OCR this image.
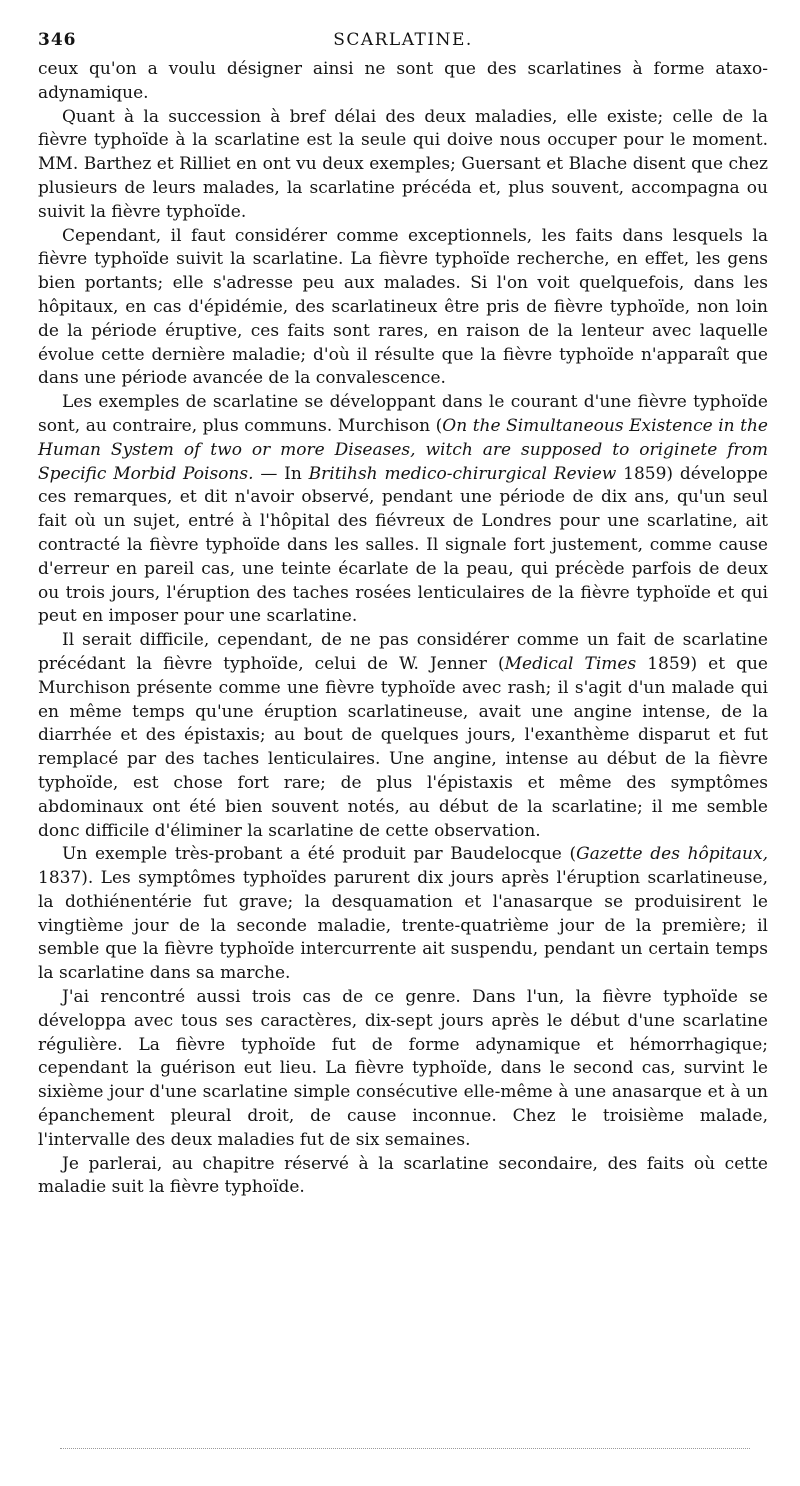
346	SCARLATINE.

ceux qu'on a voulu désigner ainsi ne sont que des scarlatines à forme ataxo-adynamique.

Quant à la succession à bref délai des deux maladies, elle existe; celle de la fièvre typhoïde à la scarlatine est la seule qui doive nous occuper pour le moment. MM. Barthez et Rilliet en ont vu deux exemples; Guersant et Blache disent que chez plusieurs de leurs malades, la scarlatine précéda et, plus souvent, accompagna ou suivit la fièvre typhoïde.

Cependant, il faut considérer comme exceptionnels, les faits dans lesquels la fièvre typhoïde suivit la scarlatine. La fièvre typhoïde recherche, en effet, les gens bien portants; elle s'adresse peu aux malades. Si l'on voit quelquefois, dans les hôpitaux, en cas d'épidémie, des scarlatineux être pris de fièvre typhoïde, non loin de la période éruptive, ces faits sont rares, en raison de la lenteur avec laquelle évolue cette dernière maladie; d'où il résulte que la fièvre typhoïde n'apparaît que dans une période avancée de la convalescence.

Les exemples de scarlatine se développant dans le courant d'une fièvre typhoïde sont, au contraire, plus communs. Murchison (On the Simultaneous Existence in the Human System of two or more Diseases, witch are supposed to originete from Specific Morbid Poisons. — In Britihsh medico-chirurgical Review 1859) développe ces remarques, et dit n'avoir observé, pendant une période de dix ans, qu'un seul fait où un sujet, entré à l'hôpital des fiévreux de Londres pour une scarlatine, ait contracté la fièvre typhoïde dans les salles. Il signale fort justement, comme cause d'erreur en pareil cas, une teinte écarlate de la peau, qui précède parfois de deux ou trois jours, l'éruption des taches rosées lenticulaires de la fièvre typhoïde et qui peut en imposer pour une scarlatine.

Il serait difficile, cependant, de ne pas considérer comme un fait de scarlatine précédant la fièvre typhoïde, celui de W. Jenner (Medical Times 1859) et que Murchison présente comme une fièvre typhoïde avec rash; il s'agit d'un malade qui en même temps qu'une éruption scarlatineuse, avait une angine intense, de la diarrhée et des épistaxis; au bout de quelques jours, l'exanthème disparut et fut remplacé par des taches lenticulaires. Une angine, intense au début de la fièvre typhoïde, est chose fort rare; de plus l'épistaxis et même des symptômes abdominaux ont été bien souvent notés, au début de la scarlatine; il me semble donc difficile d'éliminer la scarlatine de cette observation.

Un exemple très-probant a été produit par Baudelocque (Gazette des hôpitaux, 1837). Les symptômes typhoïdes parurent dix jours après l'éruption scarlatineuse, la dothiénentérie fut grave; la desquamation et l'anasarque se produisirent le vingtième jour de la seconde maladie, trente-quatrième jour de la première; il semble que la fièvre typhoïde intercurrente ait suspendu, pendant un certain temps la scarlatine dans sa marche.

J'ai rencontré aussi trois cas de ce genre. Dans l'un, la fièvre typhoïde se développa avec tous ses caractères, dix-sept jours après le début d'une scarlatine régulière. La fièvre typhoïde fut de forme adynamique et hémorrhagique; cependant la guérison eut lieu. La fièvre typhoïde, dans le second cas, survint le sixième jour d'une scarlatine simple consécutive elle-même à une anasarque et à un épanchement pleural droit, de cause inconnue. Chez le troisième malade, l'intervalle des deux maladies fut de six semaines.

Je parlerai, au chapitre réservé à la scarlatine secondaire, des faits où cette maladie suit la fièvre typhoïde.
